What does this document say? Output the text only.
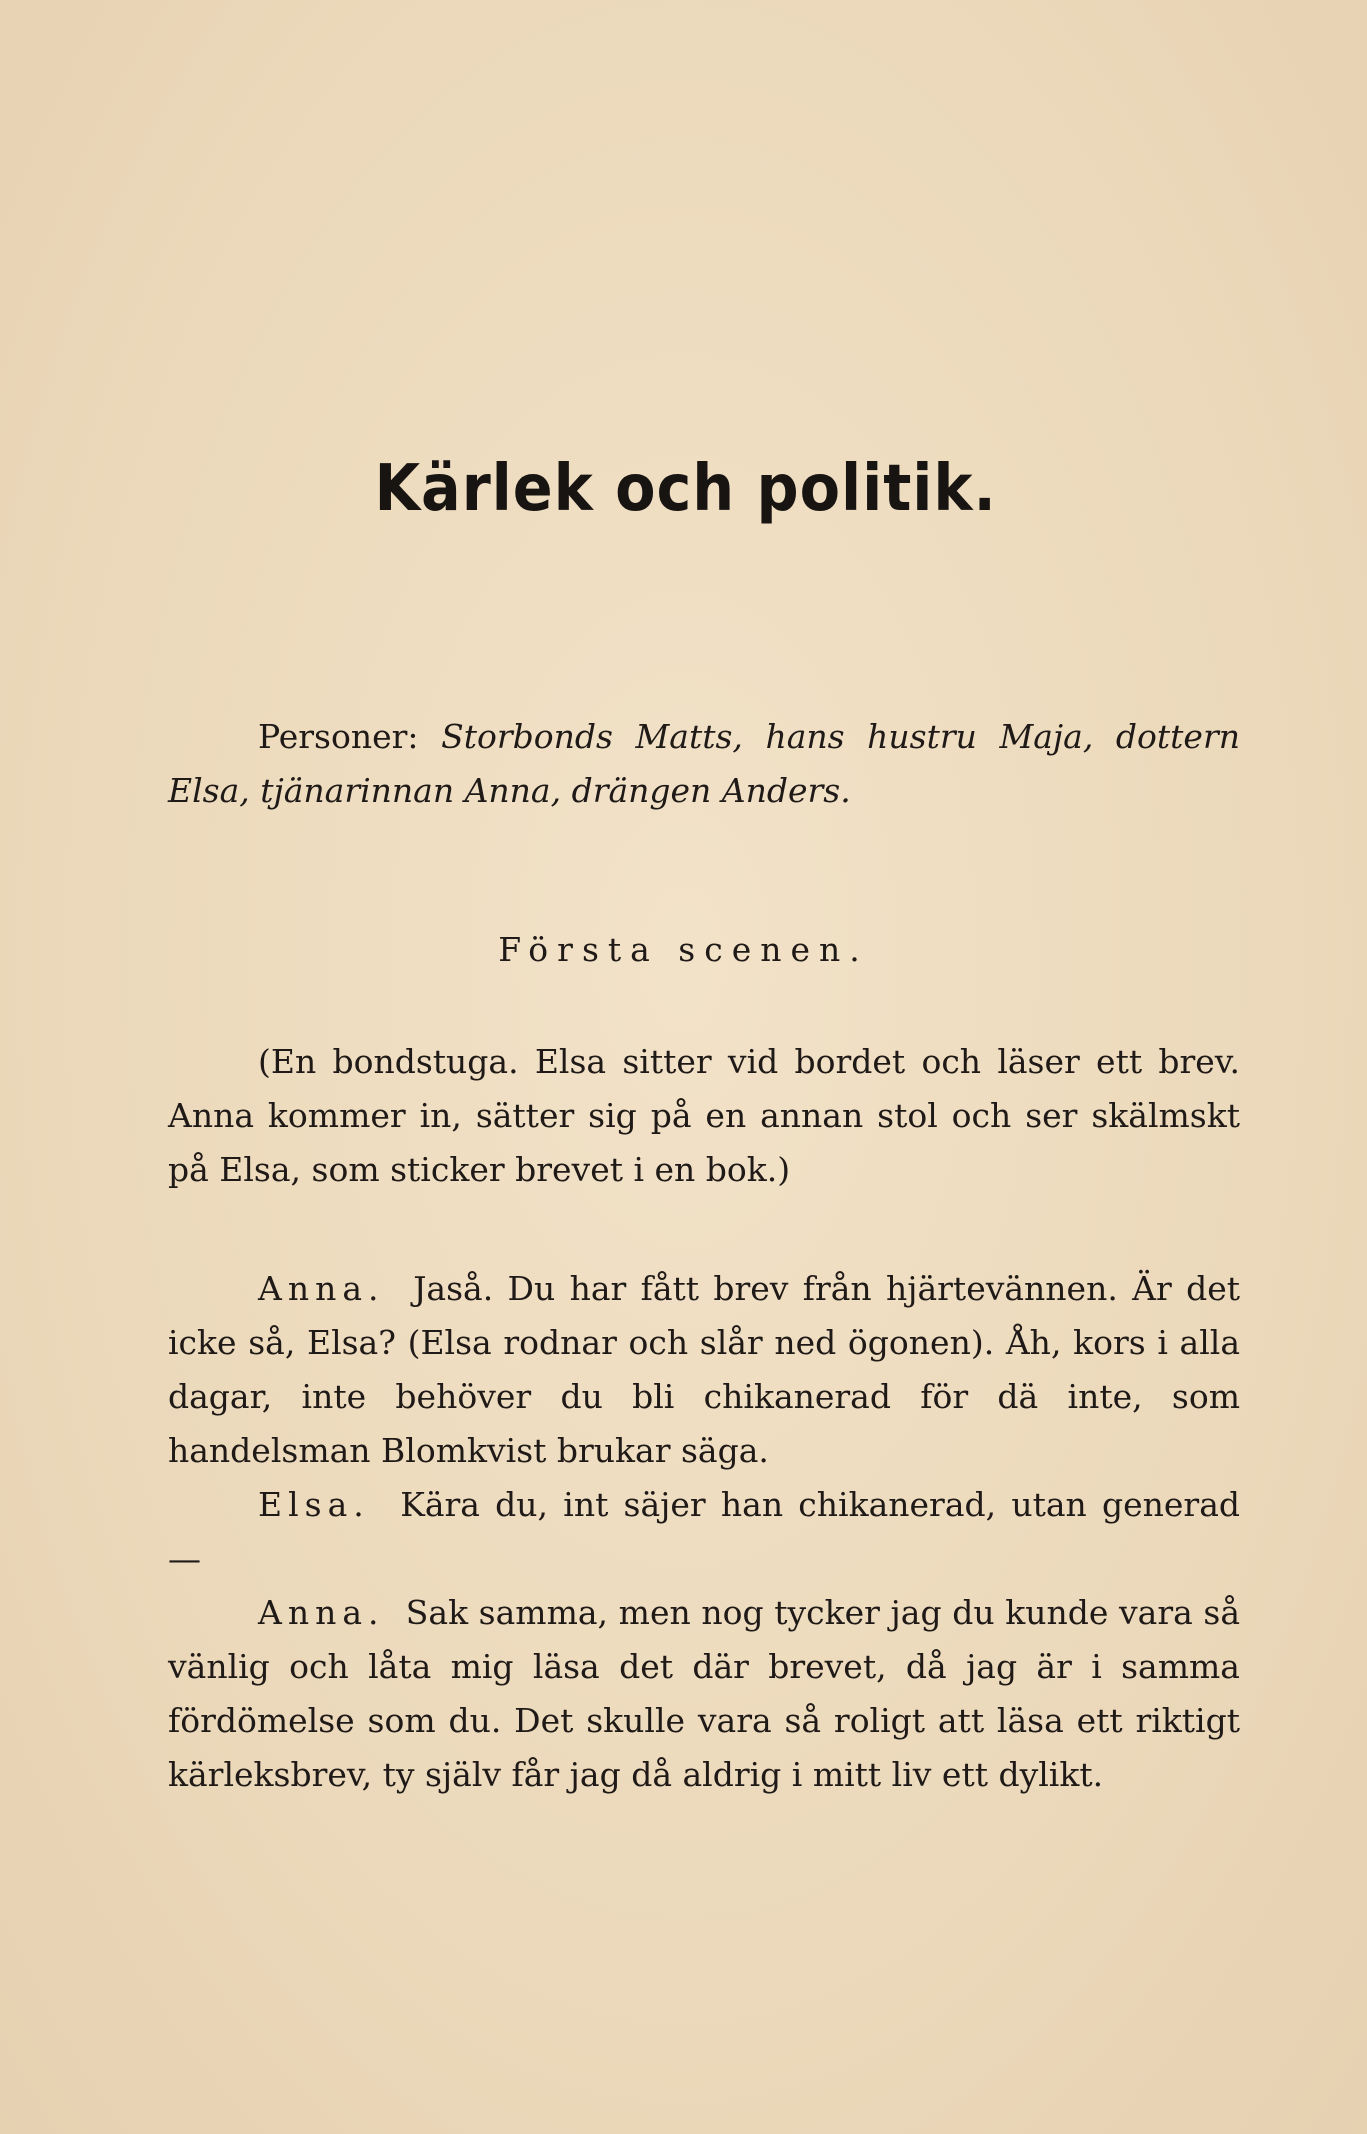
Kärlek och politik.
Personer: Storbonds Matts, hans hustru Maja, dottern Elsa, tjänarinnan Anna, drängen Anders.
Första scenen.
(En bondstuga. Elsa sitter vid bordet och läser ett brev. Anna kommer in, sätter sig på en annan stol och ser skälmskt på Elsa, som sticker brevet i en bok.)

Anna. Jaså. Du har fått brev från hjärtevännen. Är det icke så, Elsa? (Elsa rodnar och slår ned ögonen). Åh, kors i alla dagar, inte behöver du bli chikanerad för dä inte, som handelsman Blomkvist brukar säga.

Elsa. Kära du, int säjer han chikanerad, utan generad —

Anna. Sak samma, men nog tycker jag du kunde vara så vänlig och låta mig läsa det där brevet, då jag är i samma fördömelse som du. Det skulle vara så roligt att läsa ett riktigt kärleksbrev, ty själv får jag då aldrig i mitt liv ett dylikt.
